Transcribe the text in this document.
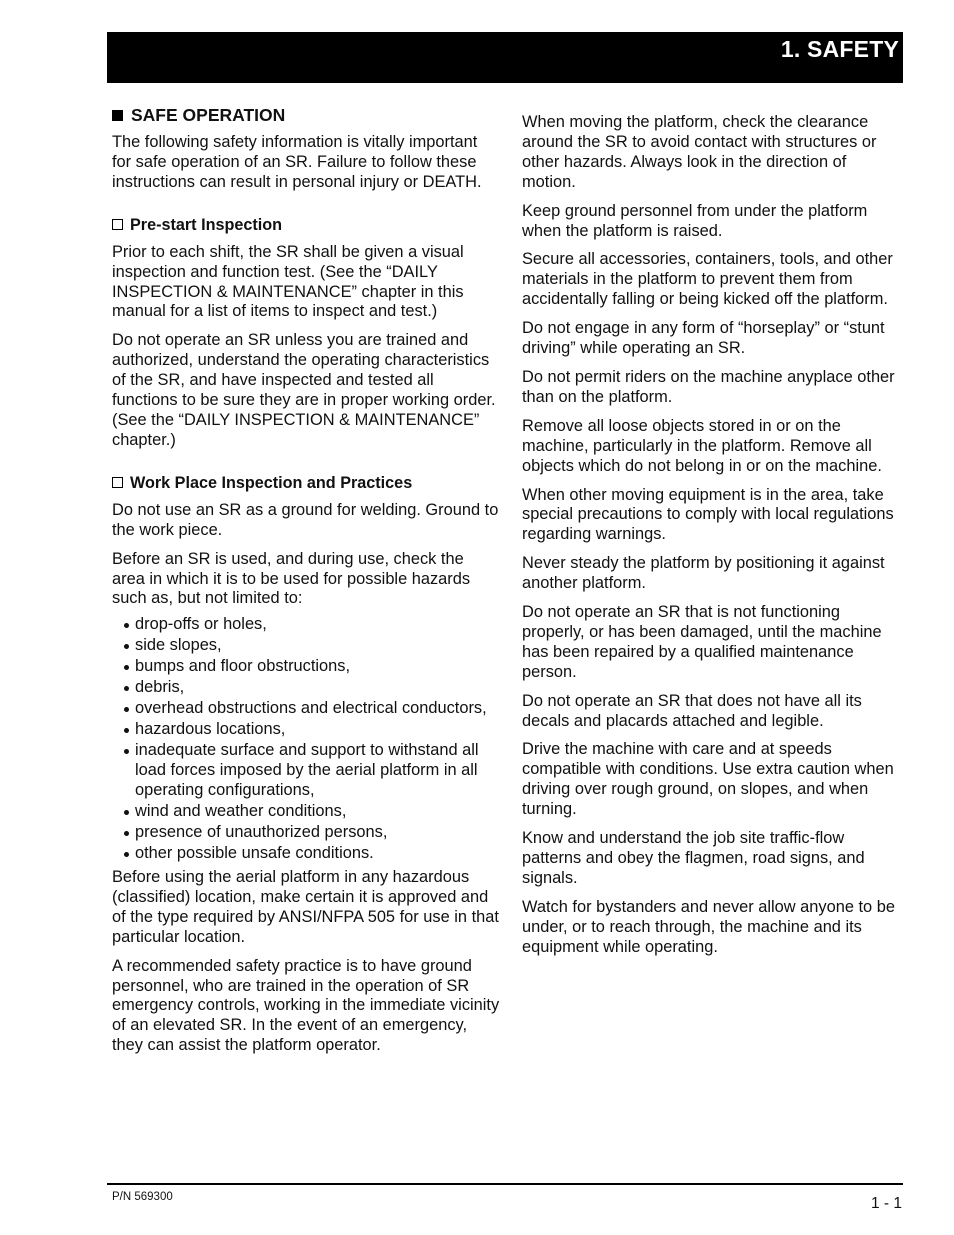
1. SAFETY
SAFE OPERATION

The following safety information is vitally important for safe operation of an SR. Failure to follow these instructions can result in personal injury or DEATH.

Pre-start Inspection

Prior to each shift, the SR shall be given a visual inspection and function test. (See the “DAILY INSPECTION & MAINTENANCE” chapter in this manual for a list of items to inspect and test.)

Do not operate an SR unless you are trained and authorized, understand the operating characteristics of the SR, and have inspected and tested all functions to be sure they are in proper working order. (See the “DAILY INSPECTION & MAINTENANCE” chapter.)

Work Place Inspection and Practices

Do not use an SR as a ground for welding. Ground to the work piece.

Before an SR is used, and during use, check the area in which it is to be used for possible hazards such as, but not limited to:

drop-offs or holes,
side slopes,
bumps and floor obstructions,
debris,
overhead obstructions and electrical conductors,
hazardous locations,
inadequate surface and support to withstand all load forces imposed by the aerial platform in all operating configurations,
wind and weather conditions,
presence of unauthorized persons,
other possible unsafe conditions.

Before using the aerial platform in any hazardous (classified) location, make certain it is approved and of the type required by ANSI/NFPA 505 for use in that particular location.

A recommended safety practice is to have ground personnel, who are trained in the operation of SR emergency controls, working in the immediate vicinity of an elevated SR. In the event of an emergency, they can assist the platform operator.

When moving the platform, check the clearance around the SR to avoid contact with structures or other hazards. Always look in the direction of motion.

Keep ground personnel from under the platform when the platform is raised.

Secure all accessories, containers, tools, and other materials in the platform to prevent them from accidentally falling or being kicked off the platform.

Do not engage in any form of “horseplay” or “stunt driving” while operating an SR.

Do not permit riders on the machine anyplace other than on the platform.

Remove all loose objects stored in or on the machine, particularly in the platform. Remove all objects which do not belong in or on the machine.

When other moving equipment is in the area, take special precautions to comply with local regulations regarding warnings.

Never steady the platform by positioning it against another platform.

Do not operate an SR that is not functioning properly, or has been damaged, until the machine has been repaired by a qualified maintenance person.

Do not operate an SR that does not have all its decals and placards attached and legible.

Drive the machine with care and at speeds compatible with conditions. Use extra caution when driving over rough ground, on slopes, and when turning.

Know and understand the job site traffic-flow patterns and obey the flagmen, road signs, and signals.

Watch for bystanders and never allow anyone to be under, or to reach through, the machine and its equipment while operating.

P/N 569300	1 - 1
